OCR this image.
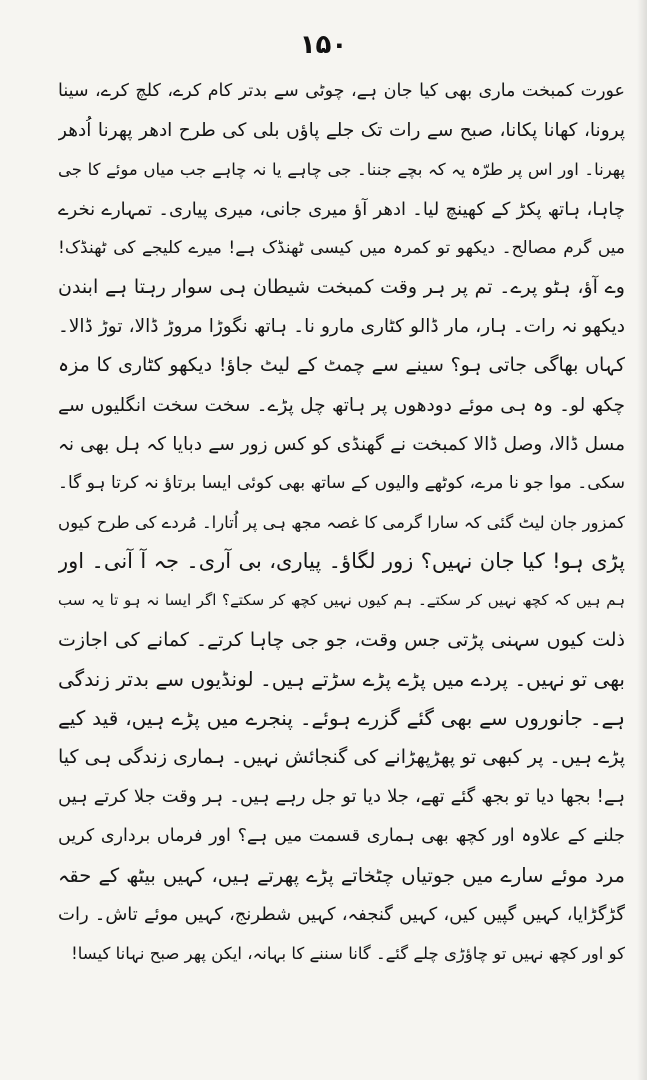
۱۵۰
عورت کمبخت ماری بھی کیا جان ہے، چوٹی سے بدتر کام کرے، کلچ کرے، سینا
پرونا، کھانا پکانا، صبح سے رات تک جلے پاؤں بلی کی طرح ادھر پھرنا اُدھر
پھرنا۔ اور اس پر طرّہ یہ کہ بچے جننا۔ جی چاہے یا نہ چاہے جب میاں موئے کا جی
چاہا، ہاتھ پکڑ کے کھینچ لیا۔ ادھر آؤ میری جانی، میری پیاری۔ تمہارے نخرے
میں گرم مصالح۔ دیکھو تو کمرہ میں کیسی ٹھنڈک ہے! میرے کلیجے کی ٹھنڈک!
وے آؤ، ہٹو پرے۔ تم پر ہر وقت کمبخت شیطان ہی سوار رہتا ہے ابندن
دیکھو نہ رات۔ ہار، مار ڈالو کٹاری مارو نا۔ ہاتھ نگوڑا مروڑ ڈالا، توڑ ڈالا۔
کہاں بھاگی جاتی ہو؟ سینے سے چمٹ کے لیٹ جاؤ! دیکھو کٹاری کا مزہ
چکھ لو۔ وہ ہی موئے دودھوں پر ہاتھ چل پڑے۔ سخت سخت انگلیوں سے
مسل ڈالا، وصل ڈالا کمبخت نے گھنڈی کو کس زور سے دبایا کہ ہل بھی نہ
سکی۔ موا جو نا مرے، کوٹھے والیوں کے ساتھ بھی کوئی ایسا برتاؤ نہ کرتا ہو گا۔
کمزور جان لیٹ گئی کہ سارا گرمی کا غصہ مجھ ہی پر اُتارا۔ مُردے کی طرح کیوں
پڑی ہو! کیا جان نہیں؟ زور لگاؤ۔ پیاری، بی آری۔ جہ آ آنی۔ اور
ہم ہیں کہ کچھ نہیں کر سکتے۔ ہم کیوں نہیں کچھ کر سکتے؟ اگر ایسا نہ ہو تا یہ سب
ذلت کیوں سہنی پڑتی جس وقت، جو جی چاہا کرتے۔ کمانے کی اجازت
بھی تو نہیں۔ پردے میں پڑے پڑے سڑتے ہیں۔ لونڈیوں سے بدتر زندگی
ہے۔ جانوروں سے بھی گئے گزرے ہوئے۔ پنجرے میں پڑے ہیں، قید کیے
پڑے ہیں۔ پر کبھی تو پھڑپھڑانے کی گنجائش نہیں۔ ہماری زندگی ہی کیا
ہے! بجھا دیا تو بجھ گئے تھے، جلا دیا تو جل رہے ہیں۔ ہر وقت جلا کرتے ہیں
جلنے کے علاوہ اور کچھ بھی ہماری قسمت میں ہے؟ اور فرماں برداری کریں
مرد موئے سارے میں جوتیاں چٹخاتے پڑے پھرتے ہیں، کہیں بیٹھ کے حقہ
گڑگڑایا، کہیں گپیں کیں، کہیں گنجفہ، کہیں شطرنج، کہیں موئے تاش۔ رات
کو اور کچھ نہیں تو چاؤڑی چلے گئے۔ گانا سننے کا بہانہ، ایکن پھر صبح نہانا کیسا!
